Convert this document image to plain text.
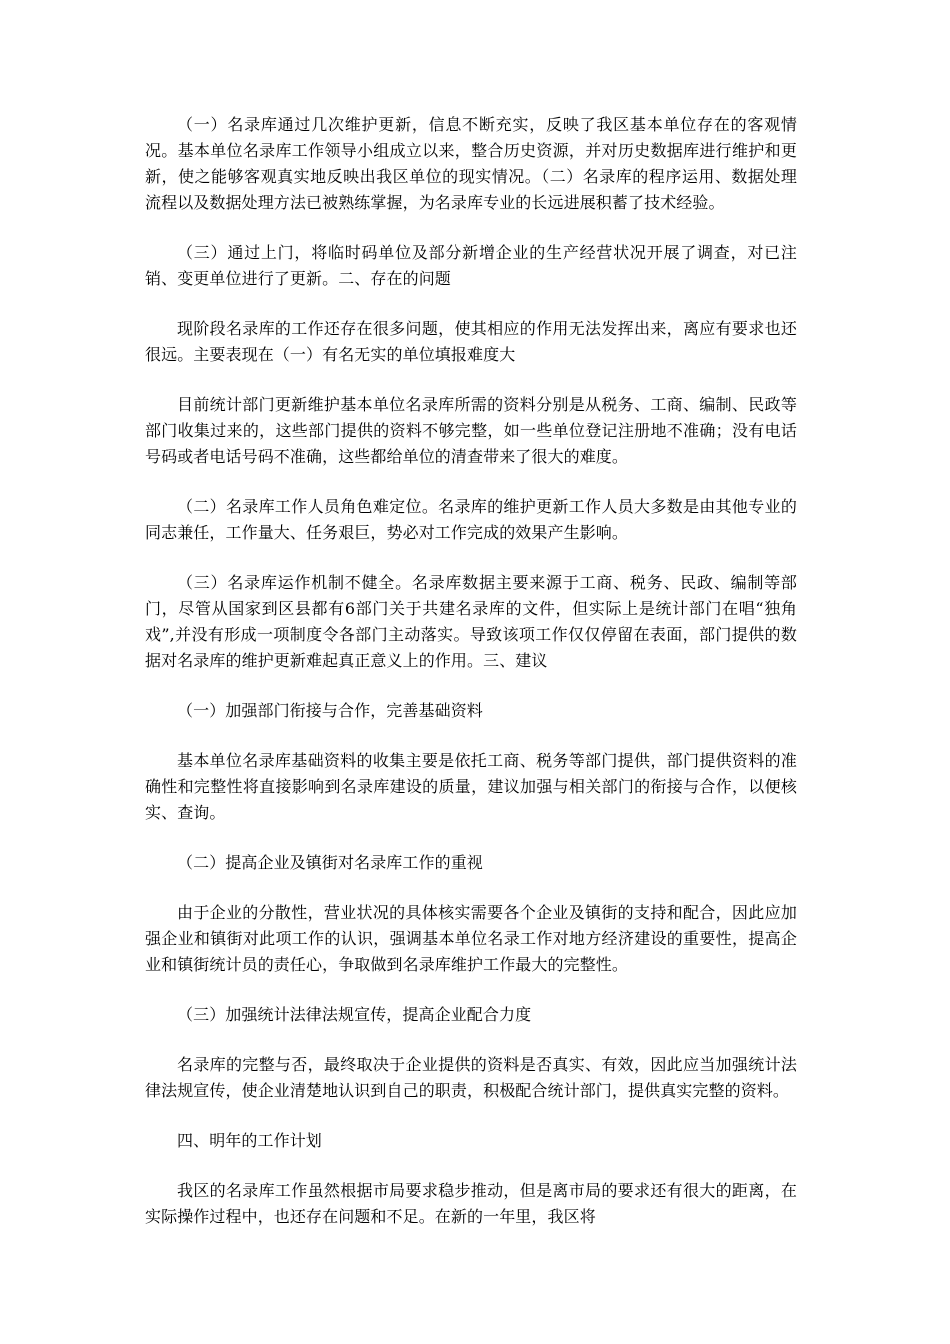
（一）名录库通过几次维护更新，信息不断充实，反映了我区基本单位存在的客观情况。基本单位名录库工作领导小组成立以来，整合历史资源，并对历史数据库进行维护和更新，使之能够客观真实地反映出我区单位的现实情况。（二）名录库的程序运用、数据处理流程以及数据处理方法已被熟练掌握，为名录库专业的长远进展积蓄了技术经验。

（三）通过上门，将临时码单位及部分新增企业的生产经营状况开展了调查，对已注销、变更单位进行了更新。二、存在的问题

现阶段名录库的工作还存在很多问题，使其相应的作用无法发挥出来，离应有要求也还很远。主要表现在（一）有名无实的单位填报难度大

目前统计部门更新维护基本单位名录库所需的资料分别是从税务、工商、编制、民政等部门收集过来的，这些部门提供的资料不够完整，如一些单位登记注册地不准确；没有电话号码或者电话号码不准确，这些都给单位的清查带来了很大的难度。

（二）名录库工作人员角色难定位。名录库的维护更新工作人员大多数是由其他专业的同志兼任，工作量大、任务艰巨，势必对工作完成的效果产生影响。

（三）名录库运作机制不健全。名录库数据主要来源于工商、税务、民政、编制等部门，尽管从国家到区县都有6部门关于共建名录库的文件，但实际上是统计部门在唱“独角戏”,并没有形成一项制度令各部门主动落实。导致该项工作仅仅停留在表面，部门提供的数据对名录库的维护更新难起真正意义上的作用。三、建议

（一）加强部门衔接与合作，完善基础资料

基本单位名录库基础资料的收集主要是依托工商、税务等部门提供，部门提供资料的准确性和完整性将直接影响到名录库建设的质量，建议加强与相关部门的衔接与合作，以便核实、查询。

（二）提高企业及镇街对名录库工作的重视

由于企业的分散性，营业状况的具体核实需要各个企业及镇街的支持和配合，因此应加强企业和镇街对此项工作的认识，强调基本单位名录工作对地方经济建设的重要性，提高企业和镇街统计员的责任心，争取做到名录库维护工作最大的完整性。

（三）加强统计法律法规宣传，提高企业配合力度

名录库的完整与否，最终取决于企业提供的资料是否真实、有效，因此应当加强统计法律法规宣传，使企业清楚地认识到自己的职责，积极配合统计部门，提供真实完整的资料。

四、明年的工作计划

我区的名录库工作虽然根据市局要求稳步推动，但是离市局的要求还有很大的距离，在实际操作过程中，也还存在问题和不足。在新的一年里，我区将
